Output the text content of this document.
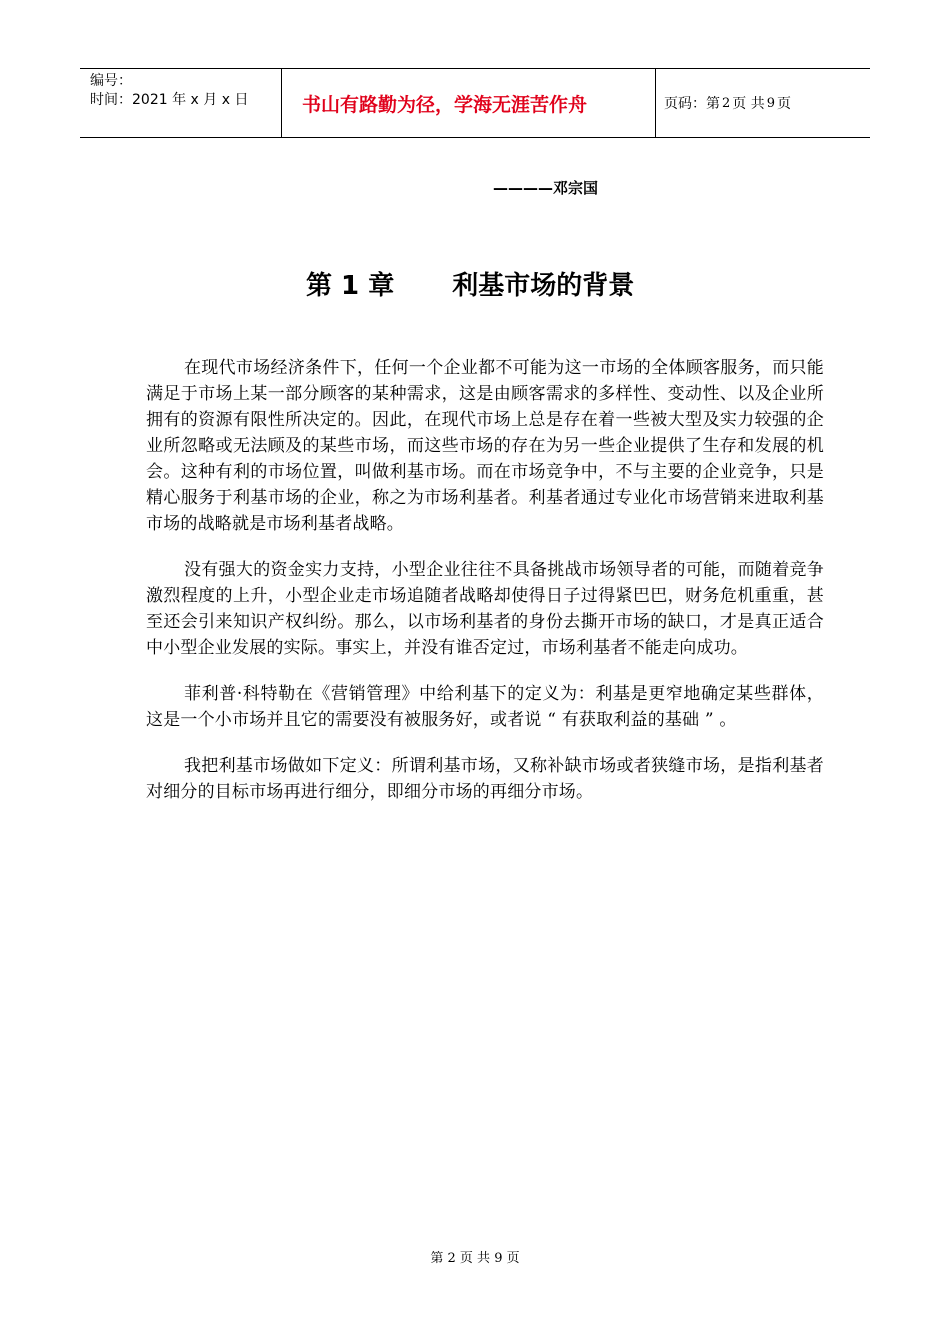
编号：
时间：2021 年 x 月 x 日	书山有路勤为径，学海无涯苦作舟	页码：第 2 页 共 9 页
————邓宗国
第 1 章 利基市场的背景

在现代市场经济条件下，任何一个企业都不可能为这一市场的全体顾客服务，而只能满足于市场上某一部分顾客的某种需求，这是由顾客需求的多样性、变动性、以及企业所拥有的资源有限性所决定的。因此，在现代市场上总是存在着一些被大型及实力较强的企业所忽略或无法顾及的某些市场，而这些市场的存在为另一些企业提供了生存和发展的机会。这种有利的市场位置，叫做利基市场。而在市场竞争中，不与主要的企业竞争，只是精心服务于利基市场的企业，称之为市场利基者。利基者通过专业化市场营销来进取利基市场的战略就是市场利基者战略。

没有强大的资金实力支持，小型企业往往不具备挑战市场领导者的可能，而随着竞争激烈程度的上升，小型企业走市场追随者战略却使得日子过得紧巴巴，财务危机重重，甚至还会引来知识产权纠纷。那么，以市场利基者的身份去撕开市场的缺口，才是真正适合中小型企业发展的实际。事实上，并没有谁否定过，市场利基者不能走向成功。

菲利普·科特勒在《营销管理》中给利基下的定义为：利基是更窄地确定某些群体，这是一个小市场并且它的需要没有被服务好，或者说 “ 有获取利益的基础 ” 。

我把利基市场做如下定义：所谓利基市场，又称补缺市场或者狭缝市场，是指利基者对细分的目标市场再进行细分，即细分市场的再细分市场。

第 2 页 共 9 页
